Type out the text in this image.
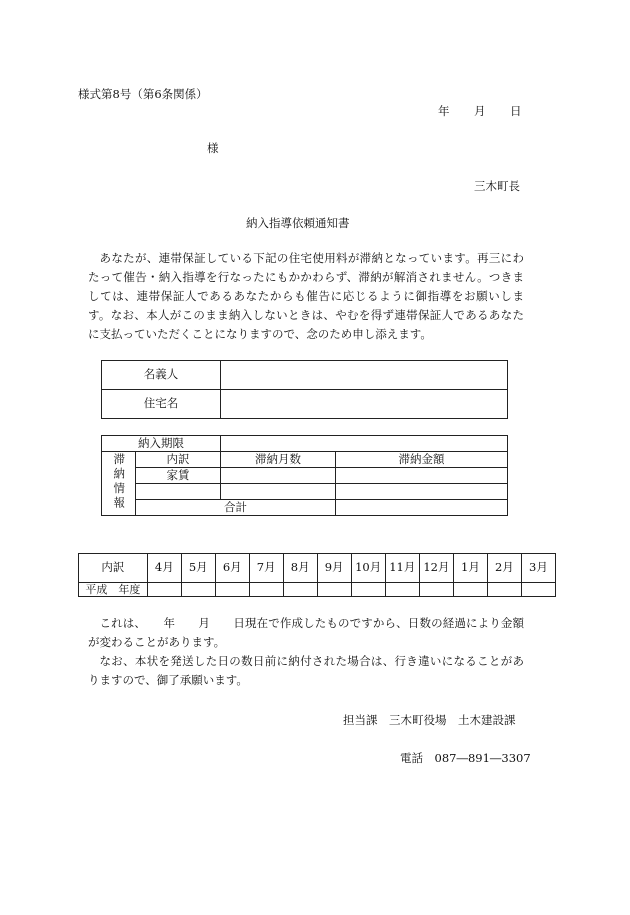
様式第8号（第6条関係）
年 月 日
様
三木町長
納入指導依頼通知書

あなたが、連帯保証している下記の住宅使用料が滞納となっています。再三にわたって催告・納入指導を行なったにもかかわらず、滞納が解消されません。つきましては、連帯保証人であるあなたからも催告に応じるように御指導をお願いします。なお、本人がこのまま納入しないときは、やむを得ず連帯保証人であるあなたに支払っていただくことになりますので、念のため申し添えます。

名義人	
住宅名	
納入期限			
滞納情報	内訳	滞納月数	滞納金額
	家賃		

	合計		
内訳	4月	5月	6月	7月	8月	9月	10月	11月	12月	1月	2月	3月
平成　年度												

これは、　　年　　月　　日現在で作成したものですから、日数の経過により金額が変わることがあります。

なお、本状を発送した日の数日前に納付された場合は、行き違いになることがありますので、御了承願います。

担当課　三木町役場　土木建設課
電話　087―891―3307
